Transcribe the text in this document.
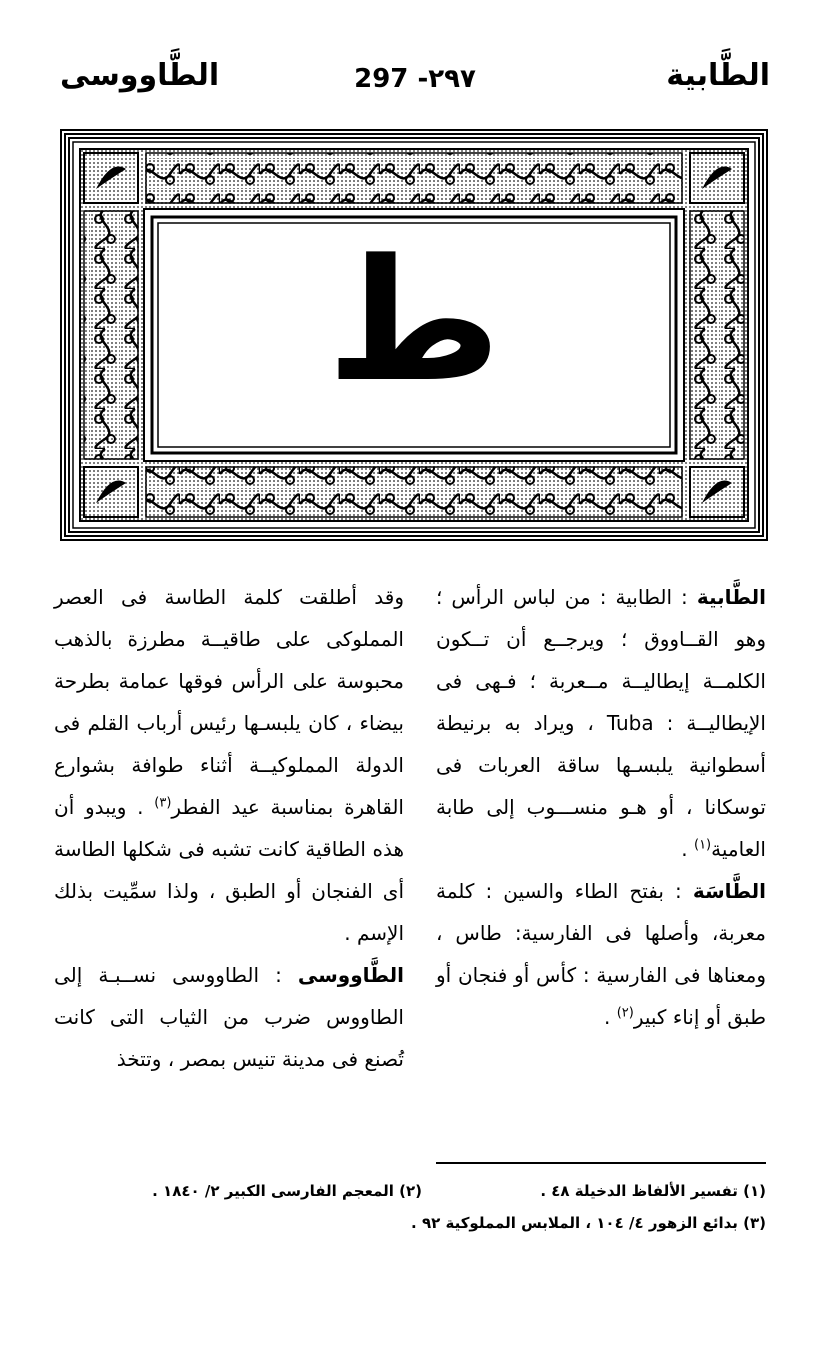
الطَّابية
297 -٢٩٧
الطَّاووسى
ط

الطَّابية : الطابية : من لباس الرأس ؛ وهو القــاووق ؛ ويرجــع أن تــكون الكلمــة إيطاليــة مــعربة ؛ فـهى فى الإيطاليــة : Tuba ، ويراد به برنيطة أسطوانية يلبسـها ساقة العربات فى توسكانا ، أو هـو منســـوب إلى طابة العامية$^{(١)}$ .

الطَّاسَة : بفتح الطاء والسين : كلمة معربة، وأصلها فى الفارسية: طاس ، ومعناها فى الفارسية : كأس أو فنجان أو طبق أو إناء كبير$^{(٢)}$ .

وقد أطلقت كلمة الطاسة فى العصر المملوكى على طاقيــة مطرزة بالذهب محبوسة على الرأس فوقها عمامة بطرحة بيضاء ، كان يلبسـها رئيس أرباب القلم فى الدولة المملوكيــة أثناء طوافة بشوارع القاهرة بمناسبة عيد الفطر$^{(٣)}$ . ويبدو أن هذه الطاقية كانت تشبه فى شكلها الطاسة أى الفنجان أو الطبق ، ولذا سمِّيت بذلك الإسم .

الطَّاووسى : الطاووسى نســبـة إلى الطاووس ضرب من الثياب التى كانت تُصنع فى مدينة تنيس بمصر ، وتتخذ

(١) تفسير الألفاظ الدخيلة ٤٨ .
(٢) المعجم الفارسى الكبير ٢/ ١٨٤٠ .
(٣) بدائع الزهور ٤/ ١٠٤ ، الملابس المملوكية ٩٢ .
